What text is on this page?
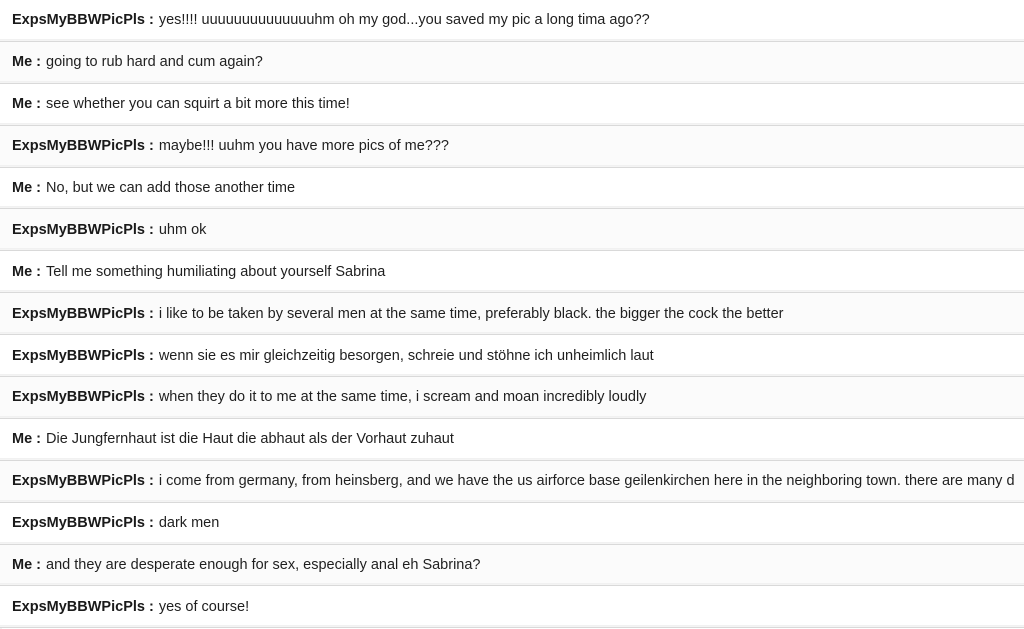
ExpsMyBBWPicPls : yes!!!! uuuuuuuuuuuuuuhm oh my god...you saved my pic a long tima ago??
Me : going to rub hard and cum again?
Me : see whether you can squirt a bit more this time!
ExpsMyBBWPicPls : maybe!!! uuhm you have more pics of me???
Me : No, but we can add those another time
ExpsMyBBWPicPls : uhm ok
Me : Tell me something humiliating about yourself Sabrina
ExpsMyBBWPicPls : i like to be taken by several men at the same time, preferably black. the bigger the cock the better
ExpsMyBBWPicPls : wenn sie es mir gleichzeitig besorgen, schreie und stöhne ich unheimlich laut
ExpsMyBBWPicPls : when they do it to me at the same time, i scream and moan incredibly loudly
Me : Die Jungfernhaut ist die Haut die abhaut als der Vorhaut zuhaut
ExpsMyBBWPicPls : i come from germany, from heinsberg, and we have the us airforce base geilenkirchen here in the neighboring town. there are many d
ExpsMyBBWPicPls : dark men
Me : and they are desperate enough for sex, especially anal eh Sabrina?
ExpsMyBBWPicPls : yes of course!
